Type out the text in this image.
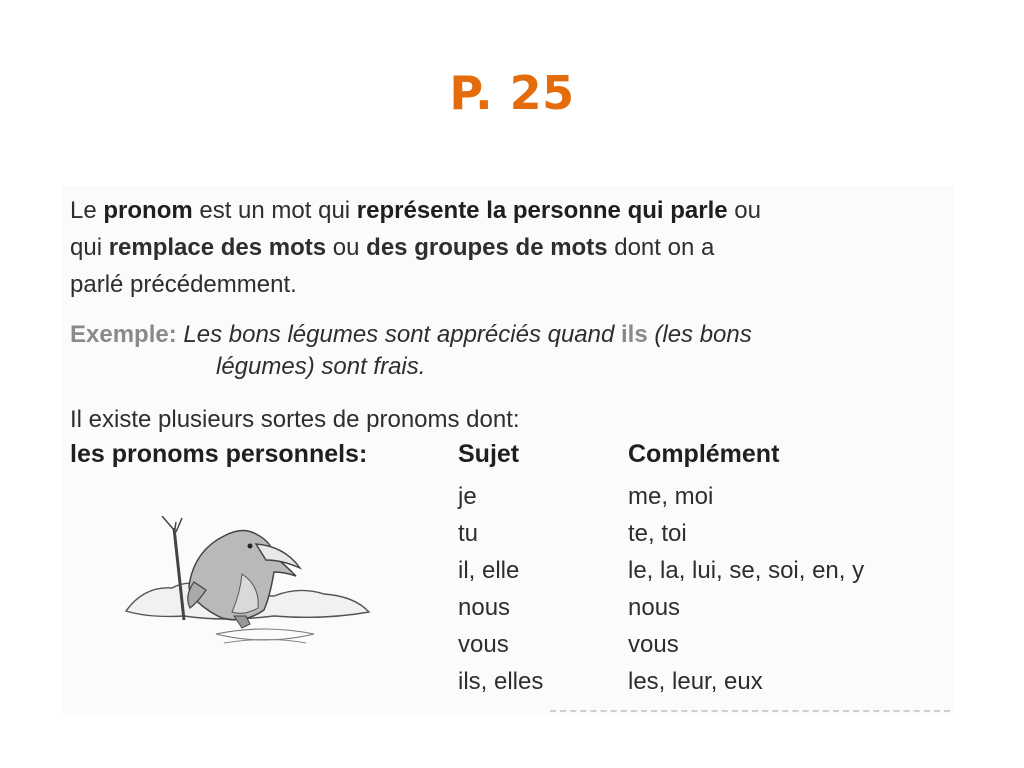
P. 25
Le pronom est un mot qui représente la personne qui parle ou
qui remplace des mots ou des groupes de mots dont on a
parlé précédemment.
Exemple: Les bons légumes sont appréciés quand ils (les bons
légumes) sont frais.
Il existe plusieurs sortes de pronoms dont:
les pronoms personnels:	Sujet	Complément
je
tu
il, elle
nous
vous
ils, elles
me, moi
te, toi
le, la, lui, se, soi, en, y
nous
vous
les, leur, eux
